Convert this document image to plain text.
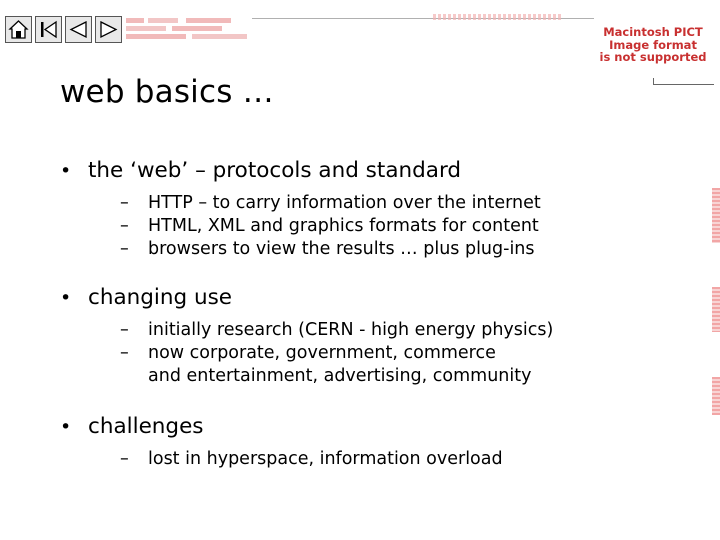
Macintosh PICT
Image format
is not supported
web basics …
• the ‘web’ – protocols and standard
– HTTP – to carry information over the internet
– HTML, XML and graphics formats for content
– browsers to view the results … plus plug-ins
• changing use
– initially research (CERN - high energy physics)
– now corporate, government, commerce
and entertainment, advertising, community
• challenges
– lost in hyperspace, information overload
